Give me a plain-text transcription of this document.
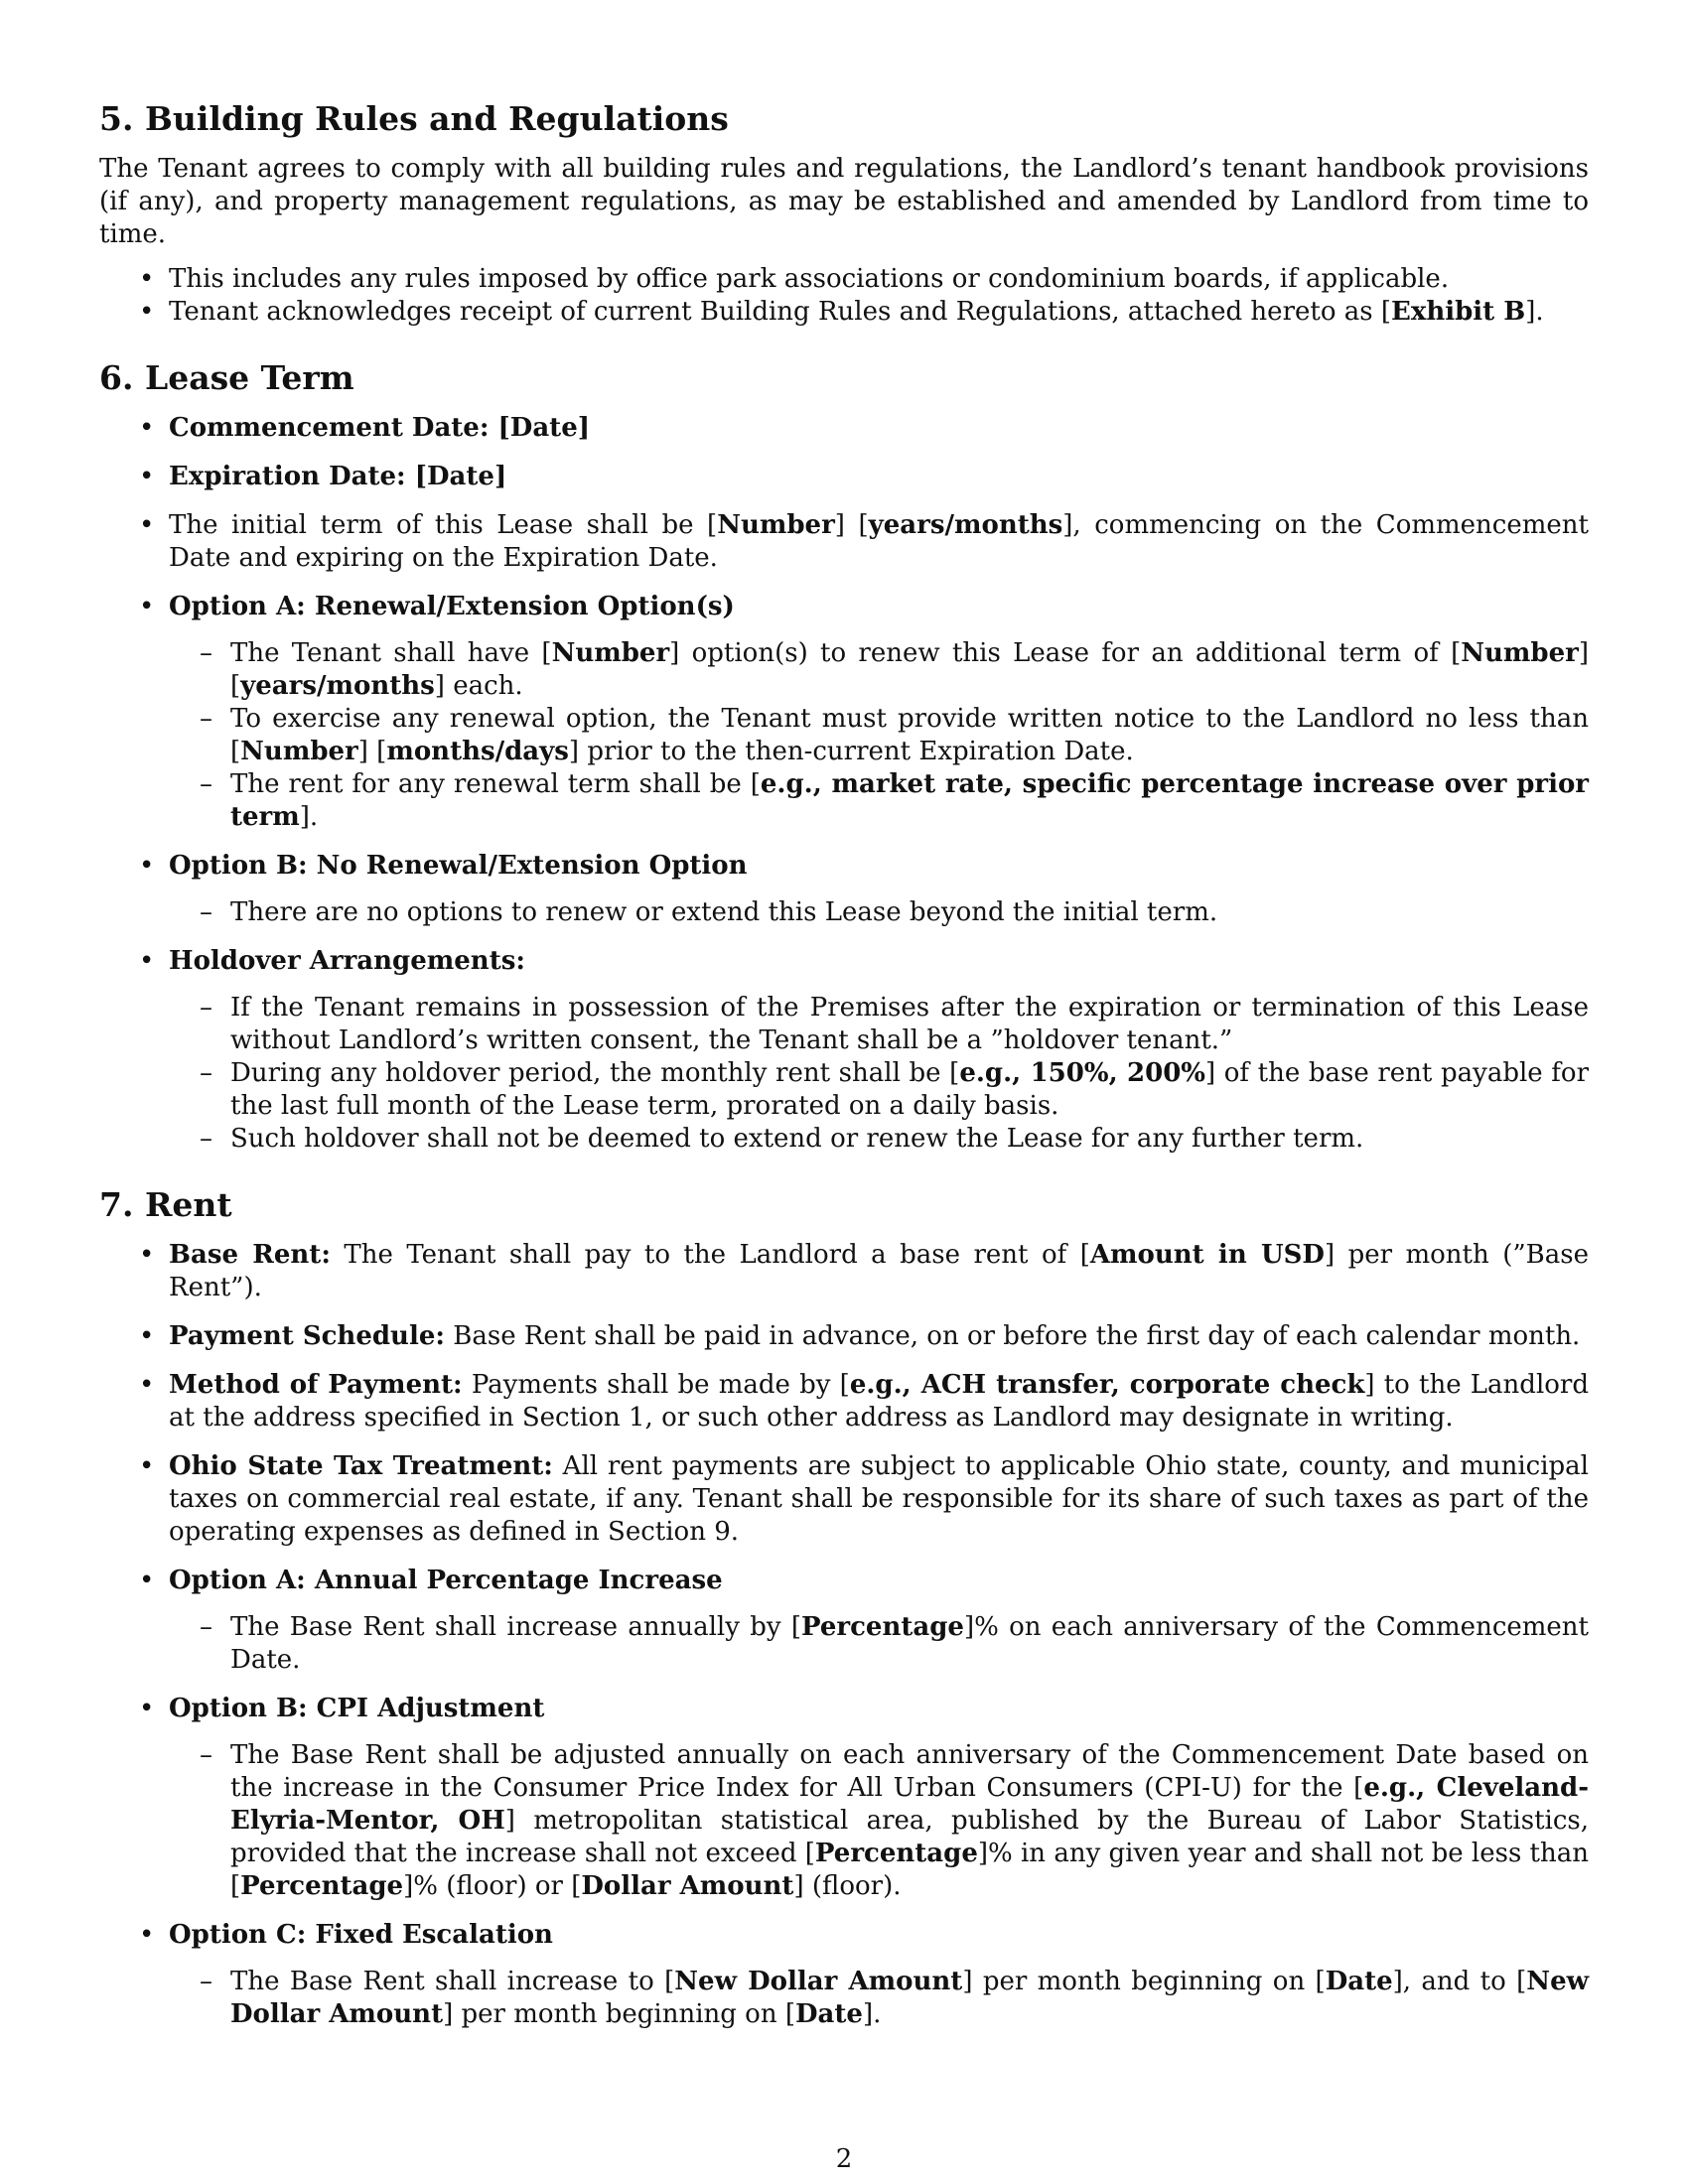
5. Building Rules and Regulations

The Tenant agrees to comply with all building rules and regulations, the Landlord’s tenant handbook provisions (if any), and property management regulations, as may be established and amended by Landlord from time to time.

• This includes any rules imposed by office park associations or condominium boards, if applicable.
• Tenant acknowledges receipt of current Building Rules and Regulations, attached hereto as [Exhibit B].
6. Lease Term
• Commencement Date: [Date]
• Expiration Date: [Date]
• The initial term of this Lease shall be [Number] [years/months], commencing on the Commencement Date and expiring on the Expiration Date.
• Option A: Renewal/Extension Option(s)
– The Tenant shall have [Number] option(s) to renew this Lease for an additional term of [Number] [years/months] each.
– To exercise any renewal option, the Tenant must provide written notice to the Landlord no less than [Number] [months/days] prior to the then-current Expiration Date.
– The rent for any renewal term shall be [e.g., market rate, specific percentage increase over prior term].
• Option B: No Renewal/Extension Option
– There are no options to renew or extend this Lease beyond the initial term.
• Holdover Arrangements:
– If the Tenant remains in possession of the Premises after the expiration or termination of this Lease without Landlord’s written consent, the Tenant shall be a ”holdover tenant.”
– During any holdover period, the monthly rent shall be [e.g., 150%, 200%] of the base rent payable for the last full month of the Lease term, prorated on a daily basis.
– Such holdover shall not be deemed to extend or renew the Lease for any further term.
7. Rent
• Base Rent: The Tenant shall pay to the Landlord a base rent of [Amount in USD] per month (”Base Rent”).
• Payment Schedule: Base Rent shall be paid in advance, on or before the first day of each calendar month.
• Method of Payment: Payments shall be made by [e.g., ACH transfer, corporate check] to the Landlord at the address specified in Section 1, or such other address as Landlord may designate in writing.
• Ohio State Tax Treatment: All rent payments are subject to applicable Ohio state, county, and municipal taxes on commercial real estate, if any. Tenant shall be responsible for its share of such taxes as part of the operating expenses as defined in Section 9.
• Option A: Annual Percentage Increase
– The Base Rent shall increase annually by [Percentage]% on each anniversary of the Commencement Date.
• Option B: CPI Adjustment
– The Base Rent shall be adjusted annually on each anniversary of the Commencement Date based on the increase in the Consumer Price Index for All Urban Consumers (CPI-U) for the [e.g., Cleveland-Elyria-Mentor, OH] metropolitan statistical area, published by the Bureau of Labor Statistics, provided that the increase shall not exceed [Percentage]% in any given year and shall not be less than [Percentage]% (floor) or [Dollar Amount] (floor).
• Option C: Fixed Escalation
– The Base Rent shall increase to [New Dollar Amount] per month beginning on [Date], and to [New Dollar Amount] per month beginning on [Date].
2
